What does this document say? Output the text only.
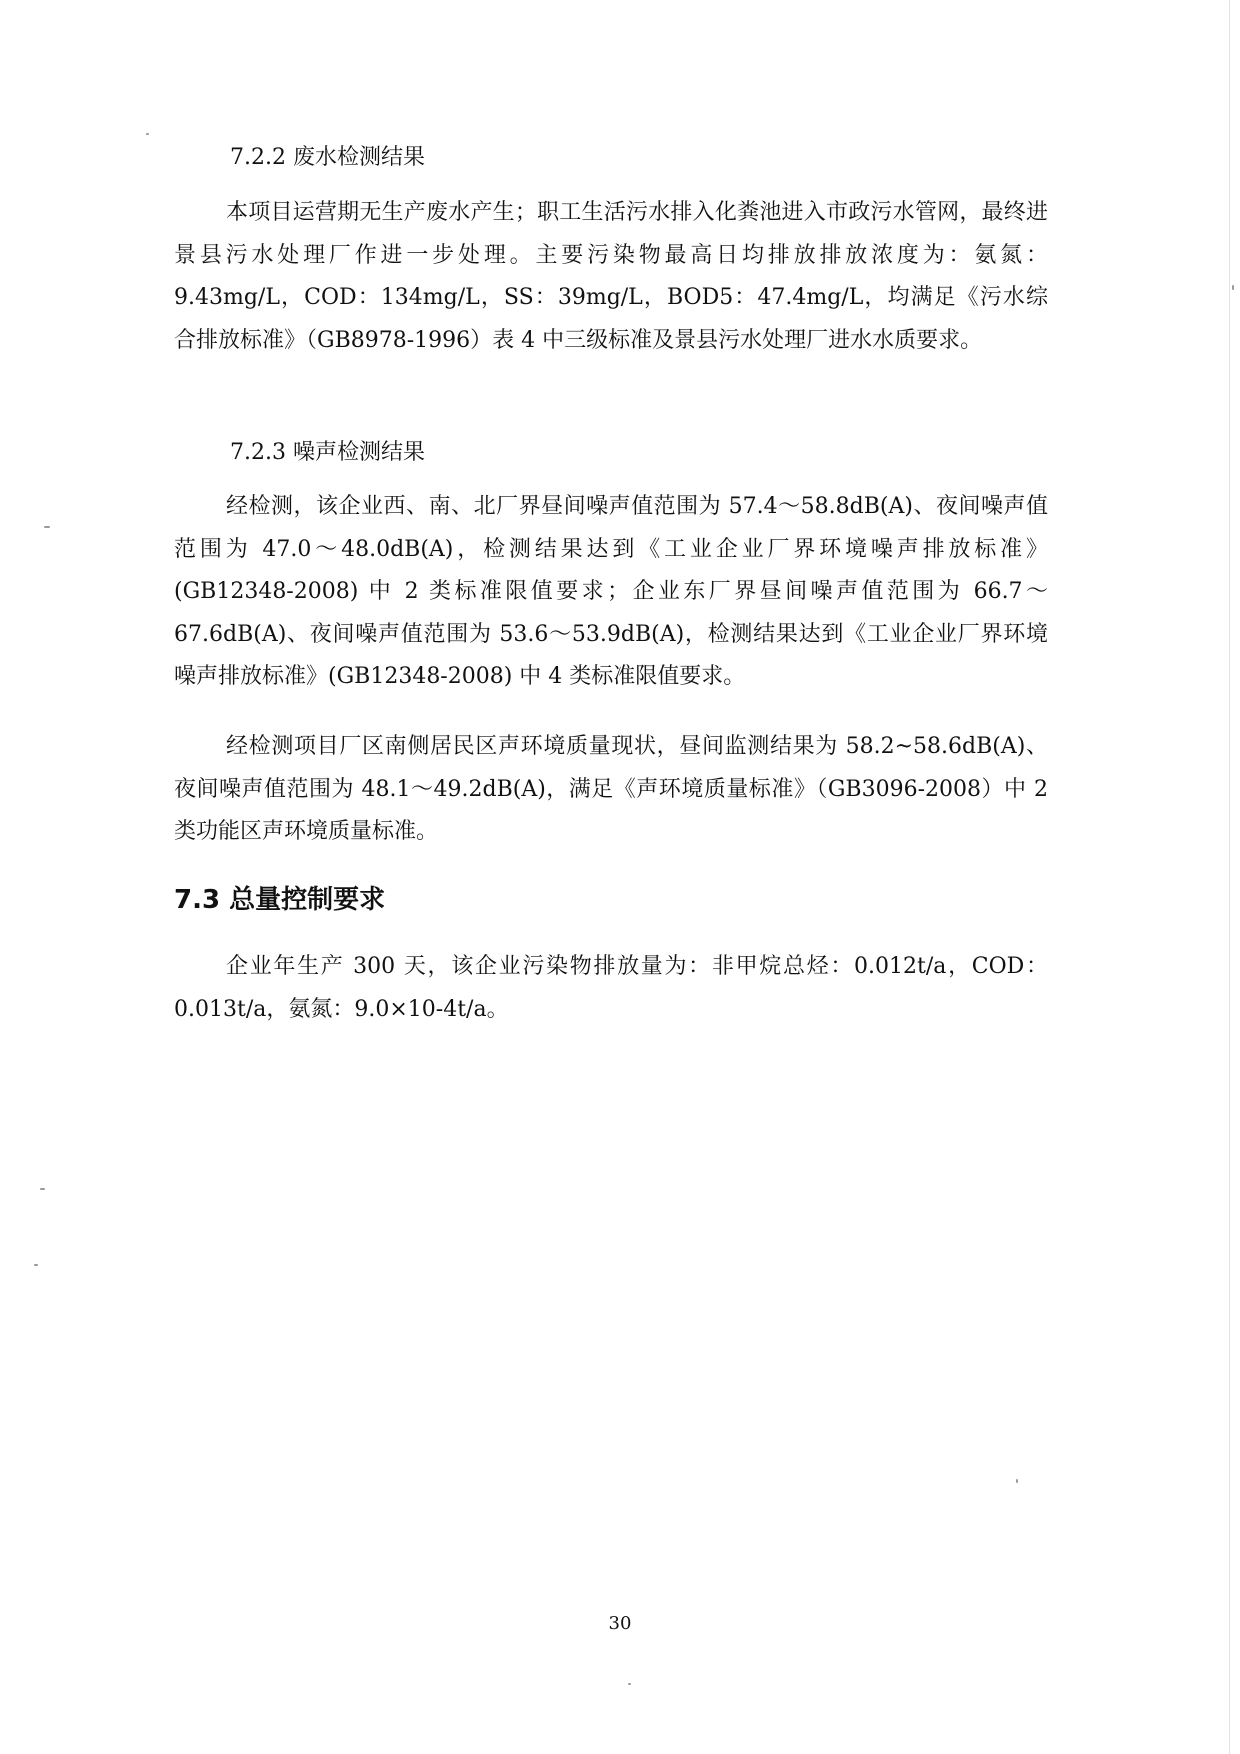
7.2.2 废水检测结果

本项目运营期无生产废水产生；职工生活污水排入化粪池进入市政污水管网，最终进景县污水处理厂作进一步处理。主要污染物最高日均排放排放浓度为：氨氮：9.43mg/L，COD：134mg/L，SS：39mg/L，BOD5：47.4mg/L，均满足《污水综合排放标准》（GB8978-1996）表 4 中三级标准及景县污水处理厂进水水质要求。

7.2.3 噪声检测结果

经检测，该企业西、南、北厂界昼间噪声值范围为 57.4～58.8dB(A)、夜间噪声值范围为 47.0～48.0dB(A)，检测结果达到《工业企业厂界环境噪声排放标准》(GB12348-2008) 中 2 类标准限值要求；企业东厂界昼间噪声值范围为 66.7～67.6dB(A)、夜间噪声值范围为 53.6～53.9dB(A)，检测结果达到《工业企业厂界环境噪声排放标准》(GB12348-2008) 中 4 类标准限值要求。

经检测项目厂区南侧居民区声环境质量现状，昼间监测结果为 58.2~58.6dB(A)、夜间噪声值范围为 48.1～49.2dB(A)，满足《声环境质量标准》（GB3096-2008）中 2 类功能区声环境质量标准。

7.3 总量控制要求

企业年生产 300 天，该企业污染物排放量为：非甲烷总烃：0.012t/a，COD：0.013t/a，氨氮：9.0×10-4t/a。

30
